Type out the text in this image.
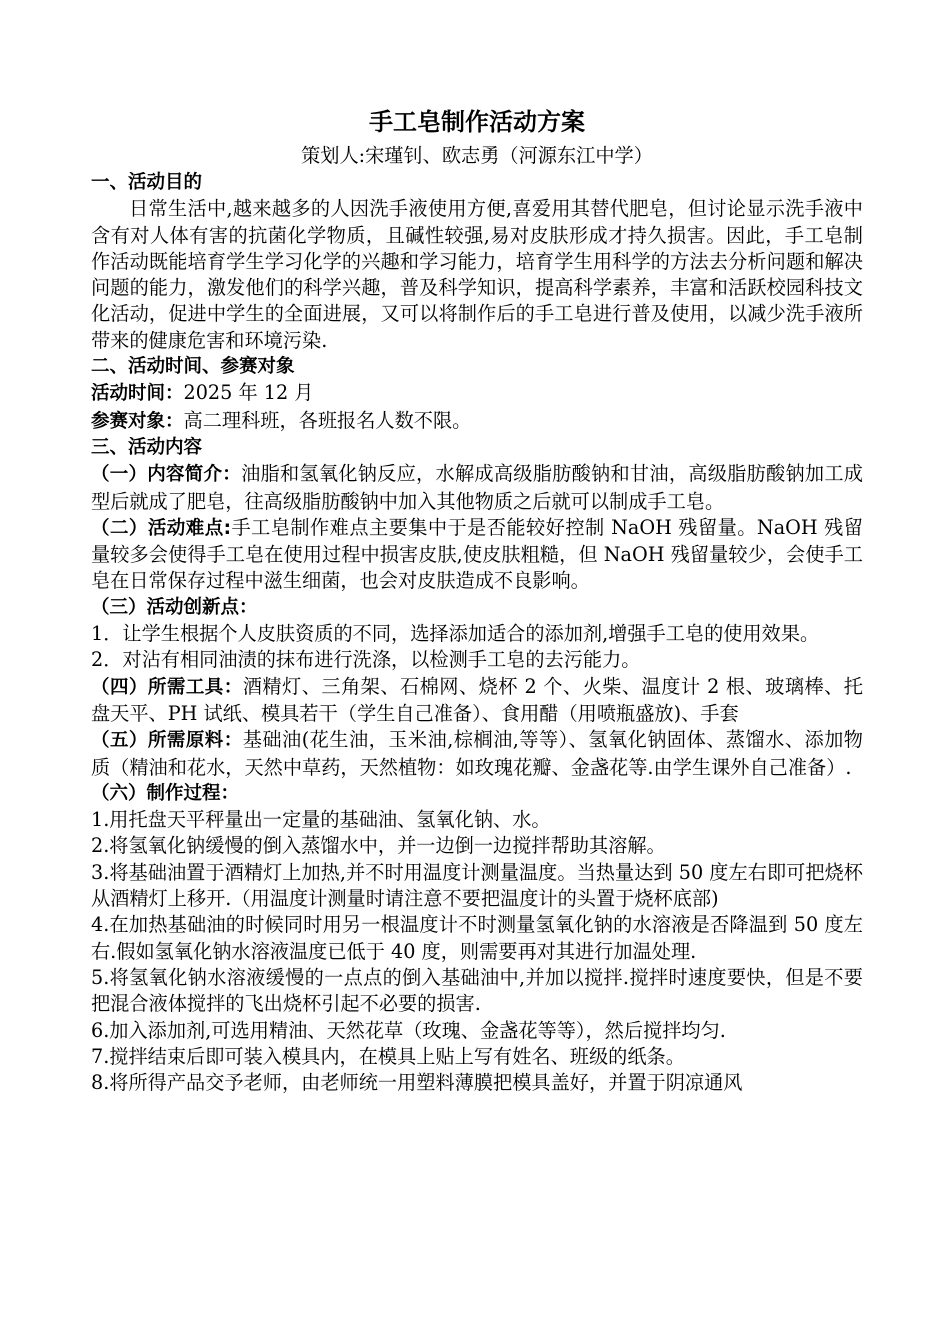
手工皂制作活动方案

策划人:宋瑾钊、欧志勇（河源东江中学）

一、活动目的

日常生活中,越来越多的人因洗手液使用方便,喜爱用其替代肥皂，但讨论显示洗手液中含有对人体有害的抗菌化学物质，且碱性较强,易对皮肤形成才持久损害。因此，手工皂制作活动既能培育学生学习化学的兴趣和学习能力，培育学生用科学的方法去分析问题和解决问题的能力，激发他们的科学兴趣，普及科学知识，提高科学素养，丰富和活跃校园科技文化活动，促进中学生的全面进展，又可以将制作后的手工皂进行普及使用，以减少洗手液所带来的健康危害和环境污染.

二、活动时间、参赛对象

活动时间：2025 年 12 月

参赛对象：高二理科班，各班报名人数不限。

三、活动内容

（一）内容简介：油脂和氢氧化钠反应，水解成高级脂肪酸钠和甘油，高级脂肪酸钠加工成型后就成了肥皂，往高级脂肪酸钠中加入其他物质之后就可以制成手工皂。

（二）活动难点:手工皂制作难点主要集中于是否能较好控制 NaOH 残留量。NaOH 残留量较多会使得手工皂在使用过程中损害皮肤,使皮肤粗糙，但 NaOH 残留量较少，会使手工皂在日常保存过程中滋生细菌，也会对皮肤造成不良影响。

（三）活动创新点：

1．让学生根据个人皮肤资质的不同，选择添加适合的添加剂,增强手工皂的使用效果。

2．对沾有相同油渍的抹布进行洗涤，以检测手工皂的去污能力。

（四）所需工具：酒精灯、三角架、石棉网、烧杯 2 个、火柴、温度计 2 根、玻璃棒、托盘天平、PH 试纸、模具若干（学生自己准备）、食用醋（用喷瓶盛放)、手套

（五）所需原料：基础油(花生油，玉米油,棕榈油,等等）、氢氧化钠固体、蒸馏水、添加物质（精油和花水，天然中草药，天然植物：如玫瑰花瓣、金盏花等.由学生课外自己准备）.

（六）制作过程：

1.用托盘天平秤量出一定量的基础油、氢氧化钠、水。

2.将氢氧化钠缓慢的倒入蒸馏水中，并一边倒一边搅拌帮助其溶解。

3.将基础油置于酒精灯上加热,并不时用温度计测量温度。当热量达到 50 度左右即可把烧杯从酒精灯上移开.（用温度计测量时请注意不要把温度计的头置于烧杯底部)

4.在加热基础油的时候同时用另一根温度计不时测量氢氧化钠的水溶液是否降温到 50 度左右.假如氢氧化钠水溶液温度已低于 40 度，则需要再对其进行加温处理.

5.将氢氧化钠水溶液缓慢的一点点的倒入基础油中,并加以搅拌.搅拌时速度要快，但是不要把混合液体搅拌的飞出烧杯引起不必要的损害.

6.加入添加剂,可选用精油、天然花草（玫瑰、金盏花等等），然后搅拌均匀.

7.搅拌结束后即可装入模具内，在模具上贴上写有姓名、班级的纸条。

8.将所得产品交予老师，由老师统一用塑料薄膜把模具盖好，并置于阴凉通风
